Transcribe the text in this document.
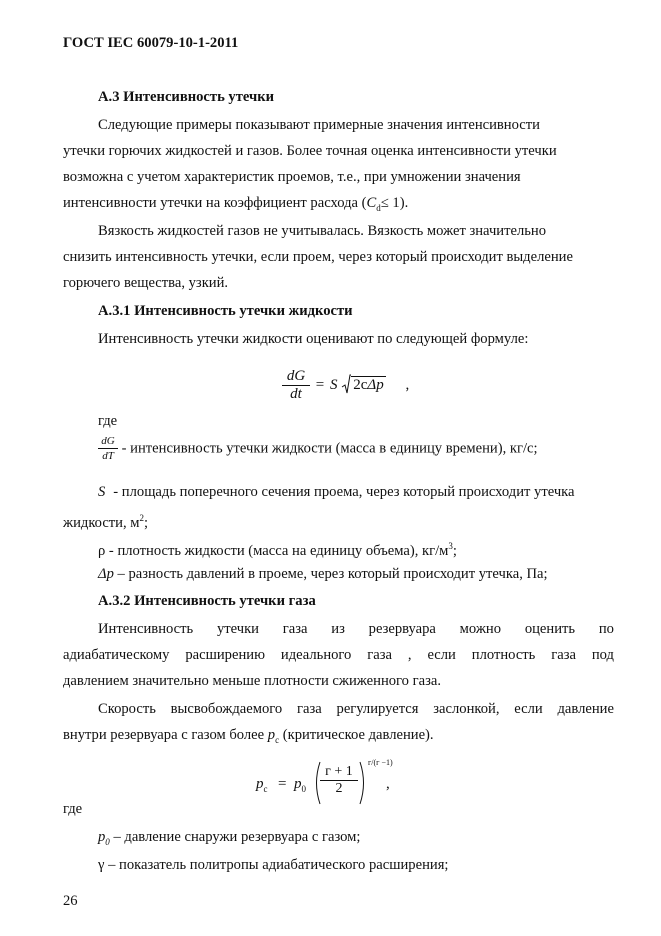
ГОСТ IEC 60079-10-1-2011
А.3 Интенсивность утечки
Следующие примеры показывают примерные значения интенсивности
утечки горючих жидкостей и газов. Более точная оценка интенсивности утечки
возможна с учетом характеристик проемов, т.е., при умножении значения
интенсивности утечки на коэффициент расхода $(C_d\le 1)$.
Вязкость жидкостей газов не учитывалась. Вязкость может значительно
снизить интенсивность утечки, если проем, через который происходит выделение
горючего вещества, узкий.
А.3.1 Интенсивность утечки жидкости
Интенсивность утечки жидкости оценивают по следующей формуле:
$\frac{dG}{dt} = S$ 2cΔp ,
где
$\frac{dG}{dT}$ - интенсивность утечки жидкости (масса в единицу времени), кг/с;
S - площадь поперечного сечения проема, через который происходит утечка
жидкости, $м^2$;
ρ - плотность жидкости (масса на единицу объема), $кг/м^3$;
Δp – разность давлений в проеме, через который происходит утечка, Па;
А.3.2 Интенсивность утечки газа
Интенсивность утечки газа из резервуара можно оценить по
адиабатическому расширению идеального газа , если плотность газа под
давлением значительно меньше плотности сжиженного газа.
Скорость высвобождаемого газа регулируется заслонкой, если давление
внутри резервуара с газом более $p_c$ (критическое давление).
$p_c = p_0$
г + 1
2
г/(г −1)
,
где
$p_0$ – давление снаружи резервуара с газом;
γ – показатель политропы адиабатического расширения;
26
